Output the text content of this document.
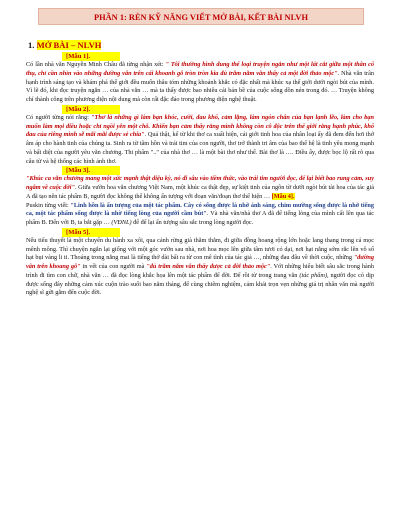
PHẦN 1: RÈN KỸ NĂNG VIẾT MỞ BÀI, KẾT BÀI NLVH
1. MỞ BÀI – NLVH
[Mẫu 1].

Có lần nhà văn Nguyễn Minh Châu đã từng nhận xét: " Tôi thường hình dung thể loại truyện ngắn như một lát cắt giữa một thân cổ thụ, chỉ cần nhìn vào những đường vân trên cái khoanh gỗ tròn tròn kia đủ trăm năm vẫn thấy cả một đời thảo mộc". Nhà văn trân hạnh trình sáng tạo và khám phá thế giới đều muốn thâu tóm những khoảnh khắc có đặc nhất mà khúc xạ thế giới dưới ngòi bút của mình. Vì lẽ đó, khi đọc truyện ngắn … của nhà văn … mà ta thấy được bao nhiêu cái bản bề của cuộc sống dồn nén trong đó. … Truyện không chỉ thành công trên phương diện nội dung mà còn rất đặc đáo trong phương diện nghệ thuật.

[Mẫu 2].

Có người từng nói rằng: "Thơ là những gì làm bạn khóc, cười, đau khổ, cảm lặng, làm ngón chân của bạn lạnh lẽo, làm cho bạn muốn làm mọi điều hoặc chỉ ngồi yên một chỗ. Khiến bạn cảm thấy rằng mình không còn cô độc trên thế giới rằng hạnh phúc, khổ đau của riêng mình sẽ mãi mãi được sẻ chia". Quả thật, kể từ khi thơ ca xuất hiện, cái giới tinh hoa của nhân loại ấy đã đem đến hơi thở âm áp cho hành tinh của chúng ta. Sinh ra từ tâm hồn và trái tim của con người, thơ trở thành tri âm của bao thế hệ là tinh yêu mong mạnh và bất diệt của người yêu văn chương. Thi phẩm ".." của nhà thơ … là một bài thơ như thế. Bài thơ là …. Điều ấy, được bọc lộ rất rõ qua câu từ và hệ thống các hình ảnh thơ.

[Mẫu 3].

"Khúc ca văn chương mang một sức mạnh thật diệu kỳ, nó đi sâu vào tiềm thức, vào trái tim người đọc, để lại biết bao rung cảm, suy ngẫm về cuộc đời". Giữa vườn hoa văn chương Việt Nam, một khúc ca thật đẹp, sự kiệt tinh của ngôn từ dưới ngòi bút tài hoa của tác giả A đã tạo nên tác phẩm B, người đọc không thể không ấn tượng với đoạn văn/đoạn thơ thể hiện … [Mẫu 4].

Puskin từng viết: "Linh hồn là ấn tượng của một tác phẩm. Cây có sống được là nhờ ánh sáng, chim mường sống được là nhờ tiếng ca, một tác phẩm sống được là nhờ tiếng lòng của người cầm bút". Và nhà văn/nhà thơ A đã để tiếng lòng của mình cất lên qua tác phẩm B. Đến với B, ta bắt gặp … (VĐNL) để để lại ấn tượng sâu sắc trong lòng người đọc.

[Mẫu 5].

Nếu tiểu thuyết là một chuyến du hành xa xôi, qua cảnh rừng già thăm thẳm, đi giữa đồng hoang rộng lớn hoặc lang thang trong cả mọc mênh mông. Thì chuyện ngắn lại giống với một góc vườn sau nhà, nơi hoa mọc lên giữa tâm tươi cỏ dại, nơi hạt nắng sớm rắc lên vô số hạt bụi vàng li ti. Thoáng trong nắng mai là tiếng thở dài bất ra từ con mê tình của tác giả …, những đau đâu về thời cuộc, những "đường vân trên khoang gỗ" in vết của con người mà "đủ trăm năm vẫn thấy được cả đời thảo mộc". Với những hiểu biết sâu sắc trong hành trình đi tìm con chữ, nhà văn … đã đọc lòng khắc họa lên một tác phẩm để đời. Để rồi từ trong trang văn (tác phẩm), người đọc có dịp được sống đây những cảm xúc cuộn trào suối bao năm tháng, để cùng chiêm nghiệm, cảm khái trọn vẹn những giá trị nhân văn mà người nghệ sĩ gửi gắm đến cuộc đời.
